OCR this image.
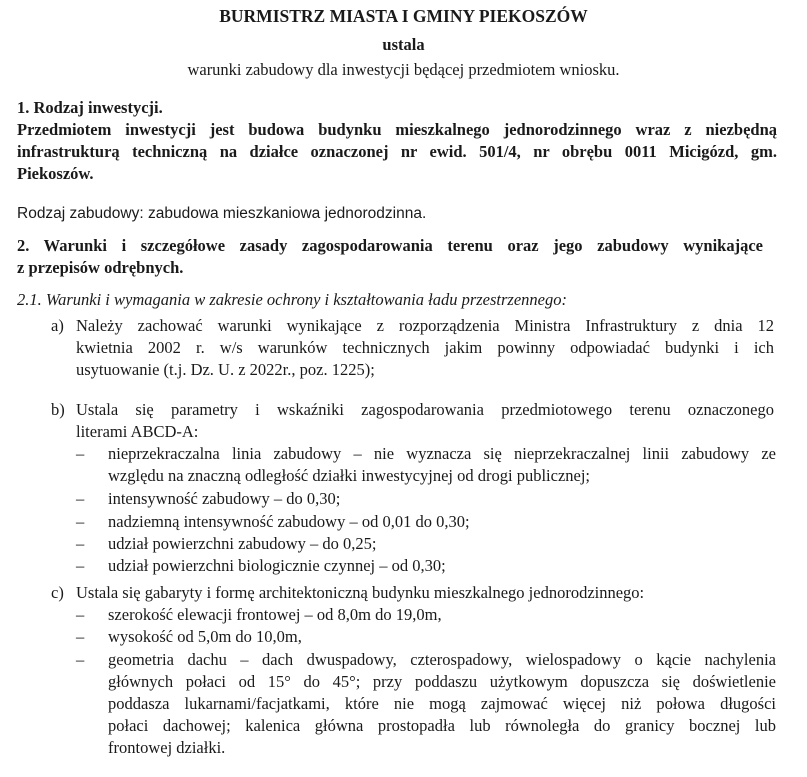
BURMISTRZ MIASTA I GMINY PIEKOSZÓW
ustala
warunki zabudowy dla inwestycji będącej przedmiotem wniosku.
1. Rodzaj inwestycji.
Przedmiotem inwestycji jest budowa budynku mieszkalnego jednorodzinnego wraz z niezbędną
infrastrukturą techniczną na działce oznaczonej nr ewid. 501/4, nr obrębu 0011 Micigózd, gm.
Piekoszów.
Rodzaj zabudowy: zabudowa mieszkaniowa jednorodzinna.
2. Warunki i szczegółowe zasady zagospodarowania terenu oraz jego zabudowy wynikające
z przepisów odrębnych.
2.1. Warunki i wymagania w zakresie ochrony i kształtowania ładu przestrzennego:
a) Należy zachować warunki wynikające z rozporządzenia Ministra Infrastruktury z dnia 12
kwietnia 2002 r. w/s warunków technicznych jakim powinny odpowiadać budynki i ich
usytuowanie (t.j. Dz. U. z 2022r., poz. 1225);
b) Ustala się parametry i wskaźniki zagospodarowania przedmiotowego terenu oznaczonego
literami ABCD-A:
– nieprzekraczalna linia zabudowy – nie wyznacza się nieprzekraczalnej linii zabudowy ze
względu na znaczną odległość działki inwestycyjnej od drogi publicznej;
– intensywność zabudowy – do 0,30;
– nadziemną intensywność zabudowy – od 0,01 do 0,30;
– udział powierzchni zabudowy – do 0,25;
– udział powierzchni biologicznie czynnej – od 0,30;
c) Ustala się gabaryty i formę architektoniczną budynku mieszkalnego jednorodzinnego:
– szerokość elewacji frontowej – od 8,0m do 19,0m,
– wysokość od 5,0m do 10,0m,
– geometria dachu – dach dwuspadowy, czterospadowy, wielospadowy o kącie nachylenia
głównych połaci od 15° do 45°; przy poddaszu użytkowym dopuszcza się doświetlenie
poddasza lukarnami/facjatkami, które nie mogą zajmować więcej niż połowa długości
połaci dachowej; kalenica główna prostopadła lub równoległa do granicy bocznej lub
frontowej działki.
